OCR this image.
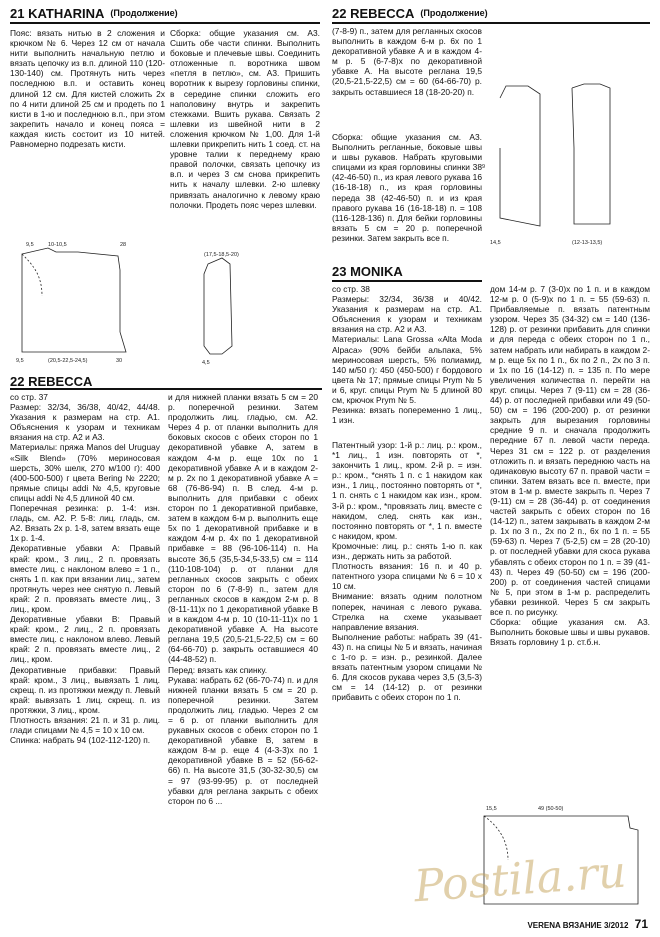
21 KATHARINA (Продолжение)	22 REBECCA (Продолжение)
Пояс: вязать нитью в 2 сложения и крючком № 6. Через 12 см от начала нити выполнить начальную петлю и вязать цепочку из в.п. длиной 110 (120-130-140) см. Протянуть нить через последнюю в.п. и оставить конец длиной 12 см. Для кистей сложить 2х по 4 нити длиной 25 см и продеть по 1 кисти в 1-ю и последнюю в.п., при этом закрепить начало и конец пояса = каждая кисть состоит из 10 нитей. Равномерно подрезать кисти.
Сборка: общие указания см. А3. Сшить обе части спинки. Выполнить боковые и плечевые швы. Соединить отложенные п. воротника швом «петля в петлю», см. А3. Пришить воротник к вырезу горловины спинки, в середине спинки сложить его наполовину внутрь и закрепить стежками. Вшить рукава. Связать 2 шлевки из швейной нити в 2 сложения крючком № 1,00. Для 1-й шлевки прикрепить нить 1 соед. ст. на уровне талии к переднему краю правой полочки, связать цепочку из в.п. и через 3 см снова прикрепить нить к началу шлевки. 2-ю шлевку привязать аналогично к левому краю полочки. Продеть пояс через шлевки.
(7-8-9) п., затем для регланных скосов выполнить в каждом 6-м р. 6х по 1 декоративной убавке А и в каждом 4-м р. 5 (6-7-8)х по декоративной убавке А. На высоте реглана 19,5 (20,5-21,5-22,5) см = 60 (64-66-70) р. закрыть оставшиеся 18 (18-20-20) п.
Сборка: общие указания см. А3. Выполнить регланные, боковые швы и швы рукавов. Набрать круговыми спицами из края горловины спинки 38 (42-46-50) п., из края левого рукава 16 (16-18-18) п., из края горловины переда 38 (42-46-50) п. и из края правого рукава 16 (16-18-18) п. = 108 (116-128-136) п. Для бейки горловины вязать 5 см = 20 р. поперечной резинки. Затем закрыть все п.
9,5	10-10,5	28
9,5	(20,5-22,5-24,5)	30
(17,5-18,5-20)
4,5
14,5	(12-13-13,5)
9
22 REBECCA
со стр. 37
Размер: 32/34, 36/38, 40/42, 44/48. Указания к размерам на стр. А1. Объяснения к узорам и техникам вязания на стр. А2 и А3.
Материалы: пряжа Manos del Uruguay «Silk Blend» (70% мериносовая шерсть, 30% шелк, 270 м/100 г): 400 (400-500-500) г цвета Bering № 2220; прямые спицы addi № 4,5, круговые спицы addi № 4,5 длиной 40 см.
Поперечная резинка: р. 1-4: изн. гладь, см. А2. Р. 5-8: лиц. гладь, см. А2. Вязать 2х р. 1-8, затем вязать еще 1х р. 1-4.
Декоративные убавки А: Правый край: кром., 3 лиц., 2 п. провязать вместе лиц. с наклоном влево = 1 п., снять 1 п. как при вязании лиц., затем протянуть через нее снятую п. Левый край: 2 п. провязать вместе лиц., 3 лиц., кром.
Декоративные убавки В: Правый край: кром., 2 лиц., 2 п. провязать вместе лиц. с наклоном влево. Левый край: 2 п. провязать вместе лиц., 2 лиц., кром.
Декоративные прибавки: Правый край: кром., 3 лиц., вывязать 1 лиц. скрещ. п. из протяжки между п. Левый край: вывязать 1 лиц. скрещ. п. из протяжки, 3 лиц., кром.
Плотность вязания: 21 п. и 31 р. лиц. глади спицами № 4,5 = 10 х 10 см.
Спинка: набрать 94 (102-112-120) п.
и для нижней планки вязать 5 см = 20 р. поперечной резинки. Затем продолжить лиц. гладью, см. А2. Через 4 р. от планки выполнить для боковых скосов с обеих сторон по 1 декоративной убавке А, затем в каждом 4-м р. еще 10х по 1 декоративной убавке А и в каждом 2-м р. 2х по 1 декоративной убавке А = 68 (76-86-94) п. В след. 4-м р. выполнить для прибавки с обеих сторон по 1 декоративной прибавке, затем в каждом 6-м р. выполнить еще 5х по 1 декоративной прибавке и в каждом 4-м р. 4х по 1 декоративной прибавке = 88 (96-106-114) п. На высоте 36,5 (35,5-34,5-33,5) см = 114 (110-108-104) р. от планки для регланных скосов закрыть с обеих сторон по 6 (7-8-9) п., затем для регланных скосов в каждом 2-м р. 8 (8-11-11)х по 1 декоративной убавке В и в каждом 4-м р. 10 (10-11-11)х по 1 декоративной убавке А. На высоте реглана 19,5 (20,5-21,5-22,5) см = 60 (64-66-70) р. закрыть оставшиеся 40 (44-48-52) п.
Перед: вязать как спинку.
Рукава: набрать 62 (66-70-74) п. и для нижней планки вязать 5 см = 20 р. поперечной резинки. Затем продолжить лиц. гладью. Через 2 см = 6 р. от планки выполнить для рукавных скосов с обеих сторон по 1 декоративной убавке В, затем в каждом 8-м р. еще 4 (4-3-3)х по 1 декоративной убавке В = 52 (56-62-66) п. На высоте 31,5 (30-32-30,5) см = 97 (93-99-95) р. от последней убавки для реглана закрыть с обеих сторон по 6 ...
23 MONIKA
со стр. 38
Размеры: 32/34, 36/38 и 40/42. Указания к размерам на стр. А1. Объяснения к узорам и техникам вязания на стр. А2 и А3.
Материалы: Lana Grossa «Alta Moda Alpaca» (90% бейби альпака, 5% мериносовая шерсть, 5% полиамид, 140 м/50 г): 450 (450-500) г бордового цвета № 17; прямые спицы Prym № 5 и 6, круг. спицы Prym № 5 длиной 80 см, крючок Prym № 5.
Резинка: вязать попеременно 1 лиц., 1 изн.
Патентный узор: 1-й р.: лиц. р.: кром., *1 лиц., 1 изн. повторять от *, закончить 1 лиц., кром. 2-й р. = изн. р.: кром., *снять 1 п. с 1 накидом как изн., 1 лиц., постоянно повторять от *, 1 п. снять с 1 накидом как изн., кром. 3-й р.: кром., *провязать лиц. вместе с накидом, след. снять как изн., постоянно повторять от *, 1 п. вместе с накидом, кром.
Кромочные: лиц. р.: снять 1-ю п. как изн., держать нить за работой.
Плотность вязания: 16 п. и 40 р. патентного узора спицами № 6 = 10 х 10 см.
Внимание: вязать одним полотном поперек, начиная с левого рукава. Стрелка на схеме указывает направление вязания.
Выполнение работы: набрать 39 (41-43) п. на спицы № 5 и вязать, начиная с 1-го р. = изн. р., резинкой. Далее вязать патентным узором спицами № 6. Для скосов рукава через 3,5 (3,5-3) см = 14 (14-12) р. от резинки прибавить с обеих сторон по 1 п.
дом 14-м р. 7 (3-0)х по 1 п. и в каждом 12-м р. 0 (5-9)х по 1 п. = 55 (59-63) п. Прибавляемые п. вязать патентным узором. Через 35 (34-32) см = 140 (136-128) р. от резинки прибавить для спинки и для переда с обеих сторон по 1 п., затем набрать или набирать в каждом 2-м р. еще 5х по 1 п., 6х по 2 п., 2х по 3 п. и 1х по 16 (14-12) п. = 135 п. По мере увеличения количества п. перейти на круг. спицы. Через 7 (9-11) см = 28 (36-44) р. от последней прибавки или 49 (50-50) см = 196 (200-200) р. от резинки закрыть для вырезания горловины средние 9 п. и сначала продолжить передние 67 п. левой части переда. Через 31 см = 122 р. от разделения отложить п. и вязать переднюю часть на одинаковую высоту 67 п. правой части = спинки. Затем вязать все п. вместе, при этом в 1-м р. вместе закрыть п. Через 7 (9-11) см = 28 (36-44) р. от соединения частей закрыть с обеих сторон по 16 (14-12) п., затем закрывать в каждом 2-м р. 1х по 3 п., 2х по 2 п., 6х по 1 п. = 55 (59-63) п. Через 7 (5-2,5) см = 28 (20-10) р. от последней убавки для скоса рукава убавлять с обеих сторон по 1 п. = 39 (41-43) п. Через 49 (50-50) см = 196 (200-200) р. от соединения частей спицами № 5, при этом в 1-м р. распределить убавки резинкой. Через 5 см закрыть все п. по рисунку.
Сборка: общие указания см. А3. Выполнить боковые швы и швы рукавов. Вязать горловину 1 р. ст.б.н.
15,5	49 (50-50)
Postila.ru
VERENA ВЯЗАНИЕ 3/2012 71
